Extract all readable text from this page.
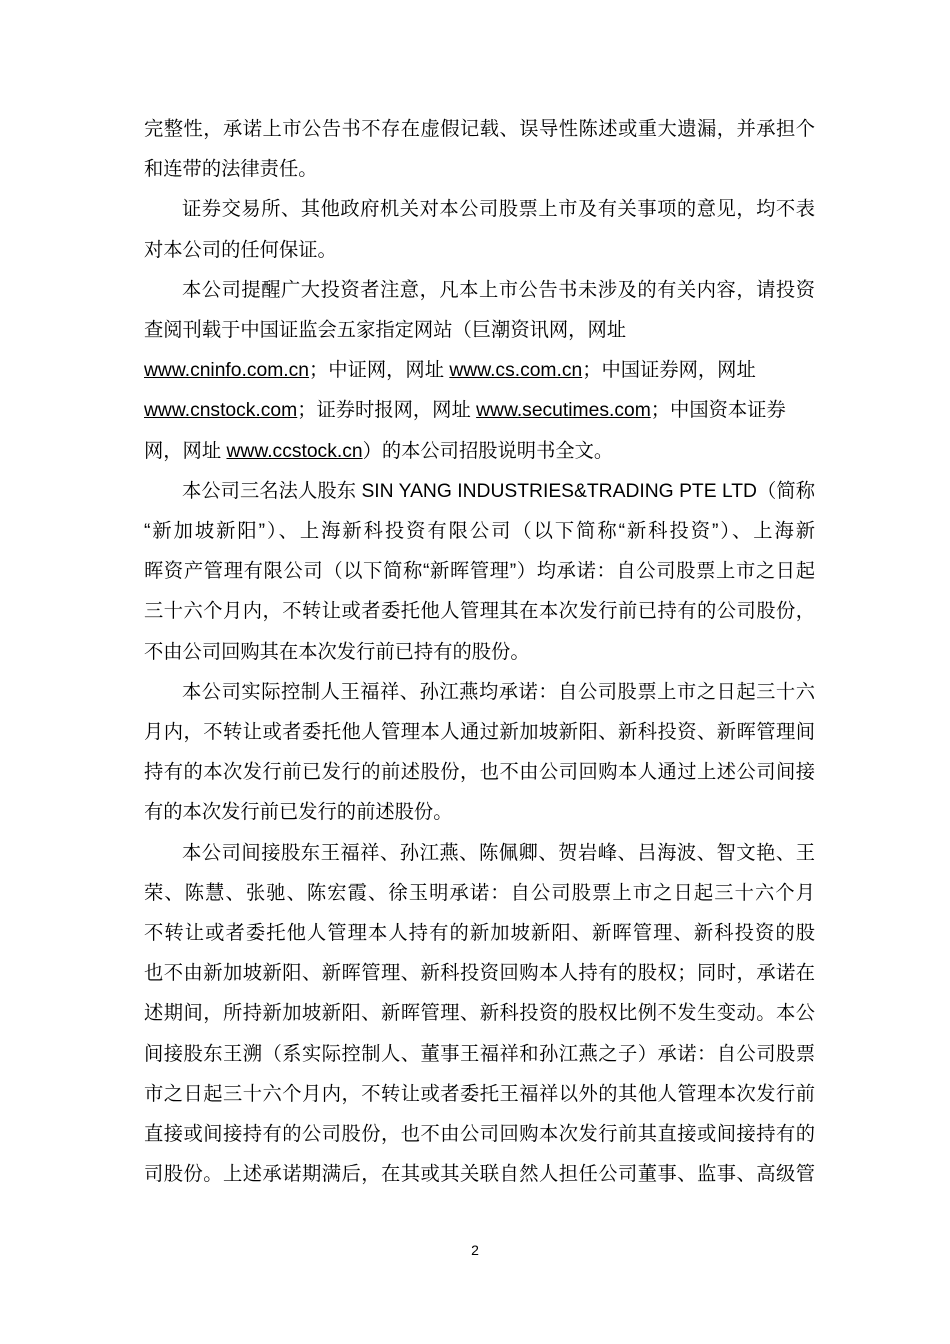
完整性，承诺上市公告书不存在虚假记载、误导性陈述或重大遗漏，并承担个
和连带的法律责任。
证券交易所、其他政府机关对本公司股票上市及有关事项的意见，均不表
对本公司的任何保证。
本公司提醒广大投资者注意，凡本上市公告书未涉及的有关内容，请投资
查阅刊载于中国证监会五家指定网站（巨潮资讯网，网址
www.cninfo.com.cn；中证网，网址 www.cs.com.cn；中国证券网，网址
www.cnstock.com；证券时报网，网址 www.secutimes.com；中国资本证券
网，网址 www.ccstock.cn）的本公司招股说明书全文。
本公司三名法人股东 SIN YANG INDUSTRIES&TRADING PTE LTD（简称
“新加坡新阳”）、上海新科投资有限公司（以下简称“新科投资”）、上海新
晖资产管理有限公司（以下简称“新晖管理”）均承诺：自公司股票上市之日起
三十六个月内，不转让或者委托他人管理其在本次发行前已持有的公司股份，
不由公司回购其在本次发行前已持有的股份。
本公司实际控制人王福祥、孙江燕均承诺：自公司股票上市之日起三十六
月内，不转让或者委托他人管理本人通过新加坡新阳、新科投资、新晖管理间
持有的本次发行前已发行的前述股份，也不由公司回购本人通过上述公司间接
有的本次发行前已发行的前述股份。
本公司间接股东王福祥、孙江燕、陈佩卿、贺岩峰、吕海波、智文艳、王
荣、陈慧、张驰、陈宏霞、徐玉明承诺：自公司股票上市之日起三十六个月
不转让或者委托他人管理本人持有的新加坡新阳、新晖管理、新科投资的股
也不由新加坡新阳、新晖管理、新科投资回购本人持有的股权；同时，承诺在
述期间，所持新加坡新阳、新晖管理、新科投资的股权比例不发生变动。本公
间接股东王溯（系实际控制人、董事王福祥和孙江燕之子）承诺：自公司股票
市之日起三十六个月内，不转让或者委托王福祥以外的其他人管理本次发行前
直接或间接持有的公司股份，也不由公司回购本次发行前其直接或间接持有的
司股份。上述承诺期满后，在其或其关联自然人担任公司董事、监事、高级管
2
